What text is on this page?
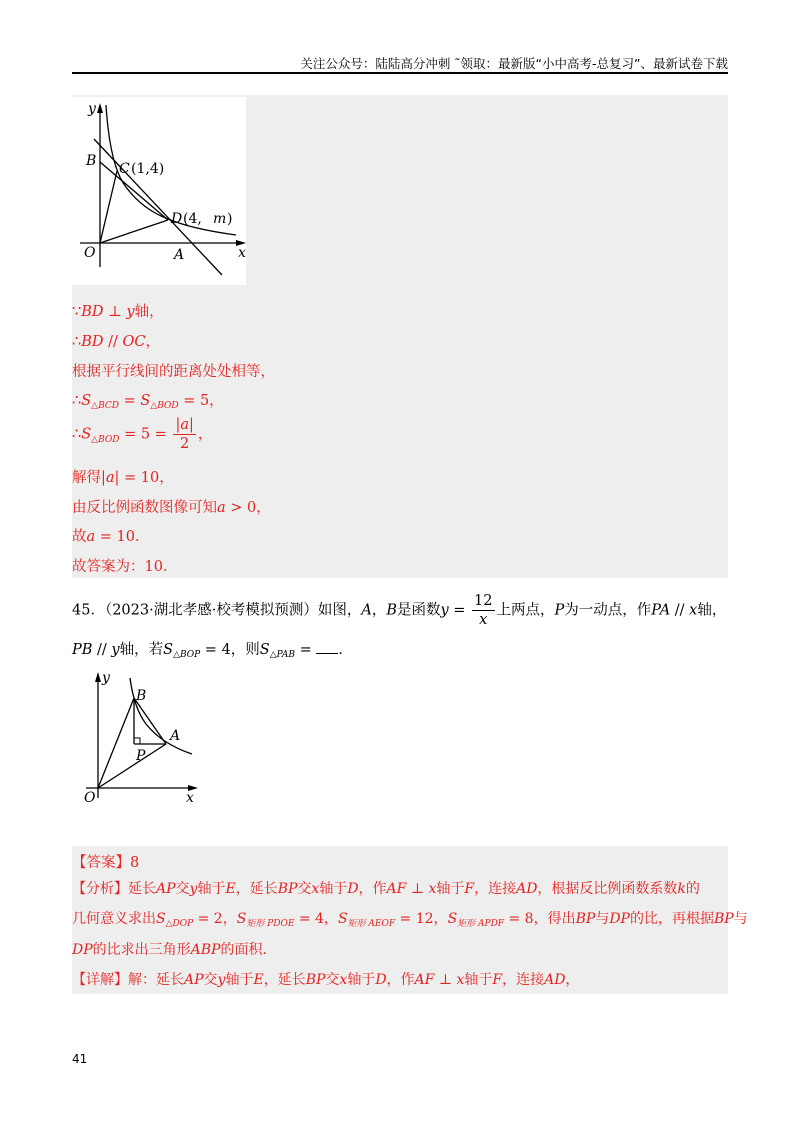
关注公众号：陆陆高分冲刺 ˜领取：最新版“小中高考-总复习”、最新试卷下载
y
x
O
B
A
C
D
(1,4)
(4, m )
∵BD ⊥ y轴，
∴BD // OC，
根据平行线间的距离处处相等，
$\therefore S_{\triangle BCD} = S_{\triangle BOD} = 5$，
$\therefore S_{\triangle BOD} = 5 = \frac{|a|}{2}$ ，
解得|a| = 10，
由反比例函数图像可知a > 0，
故a = 10．
故答案为：10．
45．（2023·湖北孝感·校考模拟预测）如图，A，B是函数$y = \frac{12}{x}$ 上两点，P为一动点，作PA // x轴，
PB // y轴，若$S_{\triangle BOP} = 4$，则$S_{\triangle PAB}$ = ．
y
x
O
B
A
P
【答案】8
【分析】延长AP交y轴于E，延长BP交x轴于D，作AF ⊥ x轴于F，连接AD，根据反比例函数系数k的
几何意义求出$S_{\triangle DOP} = 2$，$S_{矩形 PDOE} = 4$，$S_{矩形 AEOF} = 12$，$S_{矩形 APDF} = 8$，得出BP与DP的比，再根据BP与
DP的比求出三角形ABP的面积．
【详解】解：延长AP交y轴于E，延长BP交x轴于D，作AF ⊥ x轴于F，连接AD，
41
